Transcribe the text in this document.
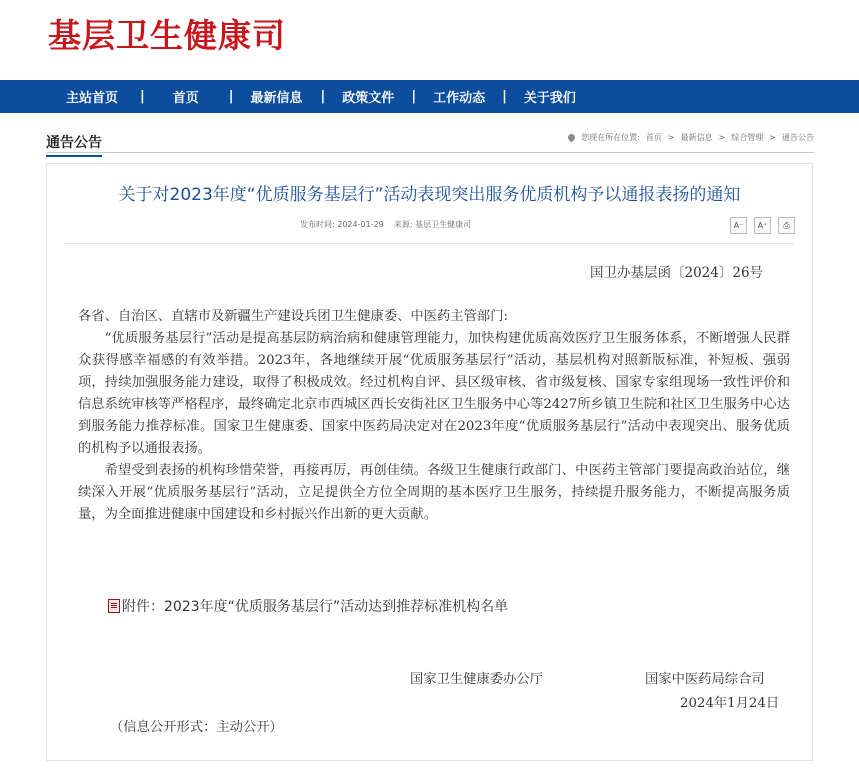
基层卫生健康司
主站首页 | 首页 | 最新信息 | 政策文件 | 工作动态 | 关于我们
通告公告	您现在所在位置: 首页 > 最新信息 > 综合管理 > 通告公告
关于对2023年度“优质服务基层行”活动表现突出服务优质机构予以通报表扬的通知
发布时间: 2024-01-29 来源: 基层卫生健康司	A⁻	A⁺	⎙
国卫办基层函〔2024〕26号

各省、自治区、直辖市及新疆生产建设兵团卫生健康委、中医药主管部门:

“优质服务基层行”活动是提高基层防病治病和健康管理能力，加快构建优质高效医疗卫生服务体系，不断增强人民群众获得感幸福感的有效举措。2023年，各地继续开展“优质服务基层行”活动，基层机构对照新版标准，补短板、强弱项，持续加强服务能力建设，取得了积极成效。经过机构自评、县区级审核、省市级复核、国家专家组现场一致性评价和信息系统审核等严格程序，最终确定北京市西城区西长安街社区卫生服务中心等2427所乡镇卫生院和社区卫生服务中心达到服务能力推荐标准。国家卫生健康委、国家中医药局决定对在2023年度“优质服务基层行”活动中表现突出、服务优质的机构予以通报表扬。

希望受到表扬的机构珍惜荣誉，再接再厉，再创佳绩。各级卫生健康行政部门、中医药主管部门要提高政治站位，继续深入开展“优质服务基层行”活动，立足提供全方位全周期的基本医疗卫生服务，持续提升服务能力，不断提高服务质量，为全面推进健康中国建设和乡村振兴作出新的更大贡献。

附件：2023年度“优质服务基层行”活动达到推荐标准机构名单
国家卫生健康委办公厅	国家中医药局综合司
2024年1月24日
（信息公开形式：主动公开）
